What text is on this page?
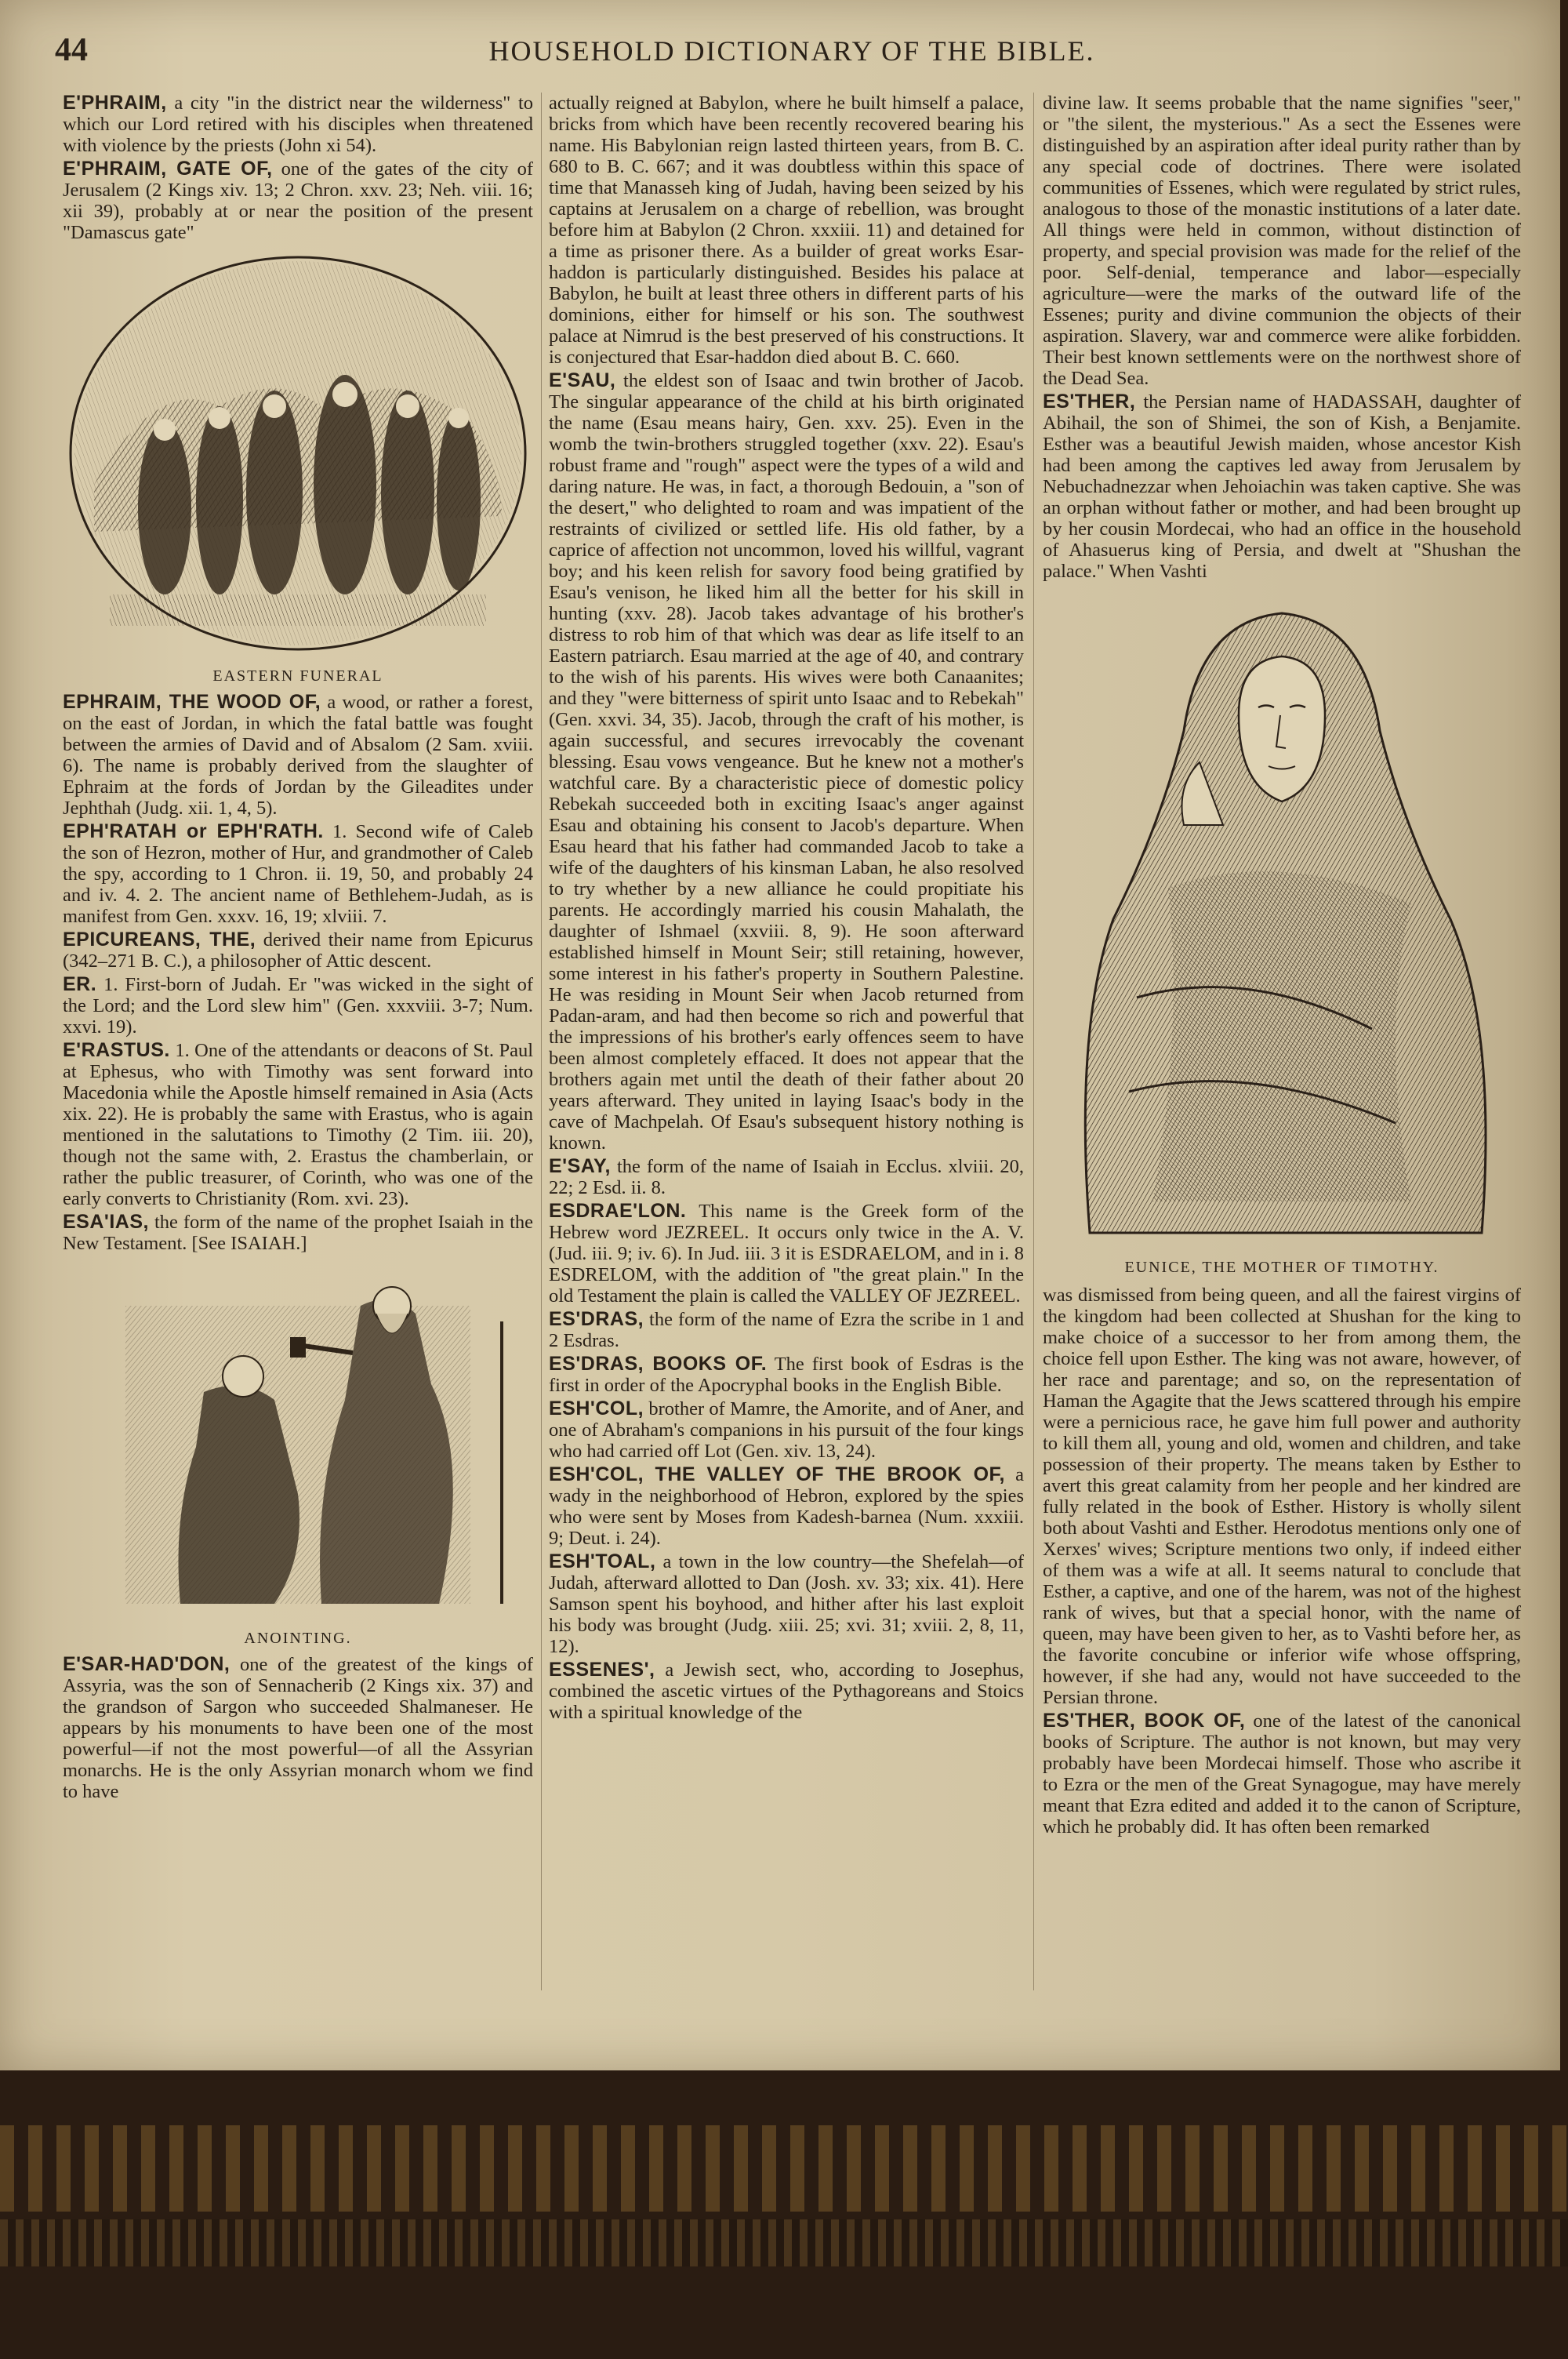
44	HOUSEHOLD DICTIONARY OF THE BIBLE.

E'PHRAIM, a city "in the district near the wilderness" to which our Lord retired with his disciples when threatened with violence by the priests (John xi 54).

E'PHRAIM, GATE OF, one of the gates of the city of Jerusalem (2 Kings xiv. 13; 2 Chron. xxv. 23; Neh. viii. 16; xii 39), probably at or near the position of the present "Damascus gate"

EASTERN FUNERAL

EPHRAIM, THE WOOD OF, a wood, or rather a forest, on the east of Jordan, in which the fatal battle was fought between the armies of David and of Absalom (2 Sam. xviii. 6). The name is probably derived from the slaughter of Ephraim at the fords of Jordan by the Gileadites under Jephthah (Judg. xii. 1, 4, 5).

EPH'RATAH or EPH'RATH. 1. Second wife of Caleb the son of Hezron, mother of Hur, and grandmother of Caleb the spy, according to 1 Chron. ii. 19, 50, and probably 24 and iv. 4. 2. The ancient name of Bethlehem-Judah, as is manifest from Gen. xxxv. 16, 19; xlviii. 7.

EPICUREANS, THE, derived their name from Epicurus (342–271 B. C.), a philosopher of Attic descent.

ER. 1. First-born of Judah. Er "was wicked in the sight of the Lord; and the Lord slew him" (Gen. xxxviii. 3-7; Num. xxvi. 19).

E'RASTUS. 1. One of the attendants or deacons of St. Paul at Ephesus, who with Timothy was sent forward into Macedonia while the Apostle himself remained in Asia (Acts xix. 22). He is probably the same with Erastus, who is again mentioned in the salutations to Timothy (2 Tim. iii. 20), though not the same with, 2. Erastus the chamberlain, or rather the public treasurer, of Corinth, who was one of the early converts to Christianity (Rom. xvi. 23).

ESA'IAS, the form of the name of the prophet Isaiah in the New Testament. [See ISAIAH.]

ANOINTING.

E'SAR-HAD'DON, one of the greatest of the kings of Assyria, was the son of Sennacherib (2 Kings xix. 37) and the grandson of Sargon who succeeded Shalmaneser. He appears by his monuments to have been one of the most powerful—if not the most powerful—of all the Assyrian monarchs. He is the only Assyrian monarch whom we find to have

actually reigned at Babylon, where he built himself a palace, bricks from which have been recently recovered bearing his name. His Babylonian reign lasted thirteen years, from B. C. 680 to B. C. 667; and it was doubtless within this space of time that Manasseh king of Judah, having been seized by his captains at Jerusalem on a charge of rebellion, was brought before him at Babylon (2 Chron. xxxiii. 11) and detained for a time as prisoner there. As a builder of great works Esar-haddon is particularly distinguished. Besides his palace at Babylon, he built at least three others in different parts of his dominions, either for himself or his son. The southwest palace at Nimrud is the best preserved of his constructions. It is conjectured that Esar-haddon died about B. C. 660.

E'SAU, the eldest son of Isaac and twin brother of Jacob. The singular appearance of the child at his birth originated the name (Esau means hairy, Gen. xxv. 25). Even in the womb the twin-brothers struggled together (xxv. 22). Esau's robust frame and "rough" aspect were the types of a wild and daring nature. He was, in fact, a thorough Bedouin, a "son of the desert," who delighted to roam and was impatient of the restraints of civilized or settled life. His old father, by a caprice of affection not uncommon, loved his willful, vagrant boy; and his keen relish for savory food being gratified by Esau's venison, he liked him all the better for his skill in hunting (xxv. 28). Jacob takes advantage of his brother's distress to rob him of that which was dear as life itself to an Eastern patriarch. Esau married at the age of 40, and contrary to the wish of his parents. His wives were both Canaanites; and they "were bitterness of spirit unto Isaac and to Rebekah" (Gen. xxvi. 34, 35). Jacob, through the craft of his mother, is again successful, and secures irrevocably the covenant blessing. Esau vows vengeance. But he knew not a mother's watchful care. By a characteristic piece of domestic policy Rebekah succeeded both in exciting Isaac's anger against Esau and obtaining his consent to Jacob's departure. When Esau heard that his father had commanded Jacob to take a wife of the daughters of his kinsman Laban, he also resolved to try whether by a new alliance he could propitiate his parents. He accordingly married his cousin Mahalath, the daughter of Ishmael (xxviii. 8, 9). He soon afterward established himself in Mount Seir; still retaining, however, some interest in his father's property in Southern Palestine. He was residing in Mount Seir when Jacob returned from Padan-aram, and had then become so rich and powerful that the impressions of his brother's early offences seem to have been almost completely effaced. It does not appear that the brothers again met until the death of their father about 20 years afterward. They united in laying Isaac's body in the cave of Machpelah. Of Esau's subsequent history nothing is known.

E'SAY, the form of the name of Isaiah in Ecclus. xlviii. 20, 22; 2 Esd. ii. 8.

ESDRAE'LON. This name is the Greek form of the Hebrew word JEZREEL. It occurs only twice in the A. V. (Jud. iii. 9; iv. 6). In Jud. iii. 3 it is ESDRAELOM, and in i. 8 ESDRELOM, with the addition of "the great plain." In the old Testament the plain is called the VALLEY OF JEZREEL.

ES'DRAS, the form of the name of Ezra the scribe in 1 and 2 Esdras.

ES'DRAS, BOOKS OF. The first book of Esdras is the first in order of the Apocryphal books in the English Bible.

ESH'COL, brother of Mamre, the Amorite, and of Aner, and one of Abraham's companions in his pursuit of the four kings who had carried off Lot (Gen. xiv. 13, 24).

ESH'COL, THE VALLEY OF THE BROOK OF, a wady in the neighborhood of Hebron, explored by the spies who were sent by Moses from Kadesh-barnea (Num. xxxiii. 9; Deut. i. 24).

ESH'TOAL, a town in the low country—the Shefelah—of Judah, afterward allotted to Dan (Josh. xv. 33; xix. 41). Here Samson spent his boyhood, and hither after his last exploit his body was brought (Judg. xiii. 25; xvi. 31; xviii. 2, 8, 11, 12).

ESSENES', a Jewish sect, who, according to Josephus, combined the ascetic virtues of the Pythagoreans and Stoics with a spiritual knowledge of the

divine law. It seems probable that the name signifies "seer," or "the silent, the mysterious." As a sect the Essenes were distinguished by an aspiration after ideal purity rather than by any special code of doctrines. There were isolated communities of Essenes, which were regulated by strict rules, analogous to those of the monastic institutions of a later date. All things were held in common, without distinction of property, and special provision was made for the relief of the poor. Self-denial, temperance and labor—especially agriculture—were the marks of the outward life of the Essenes; purity and divine communion the objects of their aspiration. Slavery, war and commerce were alike forbidden. Their best known settlements were on the northwest shore of the Dead Sea.

ES'THER, the Persian name of HADASSAH, daughter of Abihail, the son of Shimei, the son of Kish, a Benjamite. Esther was a beautiful Jewish maiden, whose ancestor Kish had been among the captives led away from Jerusalem by Nebuchadnezzar when Jehoiachin was taken captive. She was an orphan without father or mother, and had been brought up by her cousin Mordecai, who had an office in the household of Ahasuerus king of Persia, and dwelt at "Shushan the palace." When Vashti

EUNICE, THE MOTHER OF TIMOTHY.

was dismissed from being queen, and all the fairest virgins of the kingdom had been collected at Shushan for the king to make choice of a successor to her from among them, the choice fell upon Esther. The king was not aware, however, of her race and parentage; and so, on the representation of Haman the Agagite that the Jews scattered through his empire were a pernicious race, he gave him full power and authority to kill them all, young and old, women and children, and take possession of their property. The means taken by Esther to avert this great calamity from her people and her kindred are fully related in the book of Esther. History is wholly silent both about Vashti and Esther. Herodotus mentions only one of Xerxes' wives; Scripture mentions two only, if indeed either of them was a wife at all. It seems natural to conclude that Esther, a captive, and one of the harem, was not of the highest rank of wives, but that a special honor, with the name of queen, may have been given to her, as to Vashti before her, as the favorite concubine or inferior wife whose offspring, however, if she had any, would not have succeeded to the Persian throne.

ES'THER, BOOK OF, one of the latest of the canonical books of Scripture. The author is not known, but may very probably have been Mordecai himself. Those who ascribe it to Ezra or the men of the Great Synagogue, may have merely meant that Ezra edited and added it to the canon of Scripture, which he probably did. It has often been remarked
